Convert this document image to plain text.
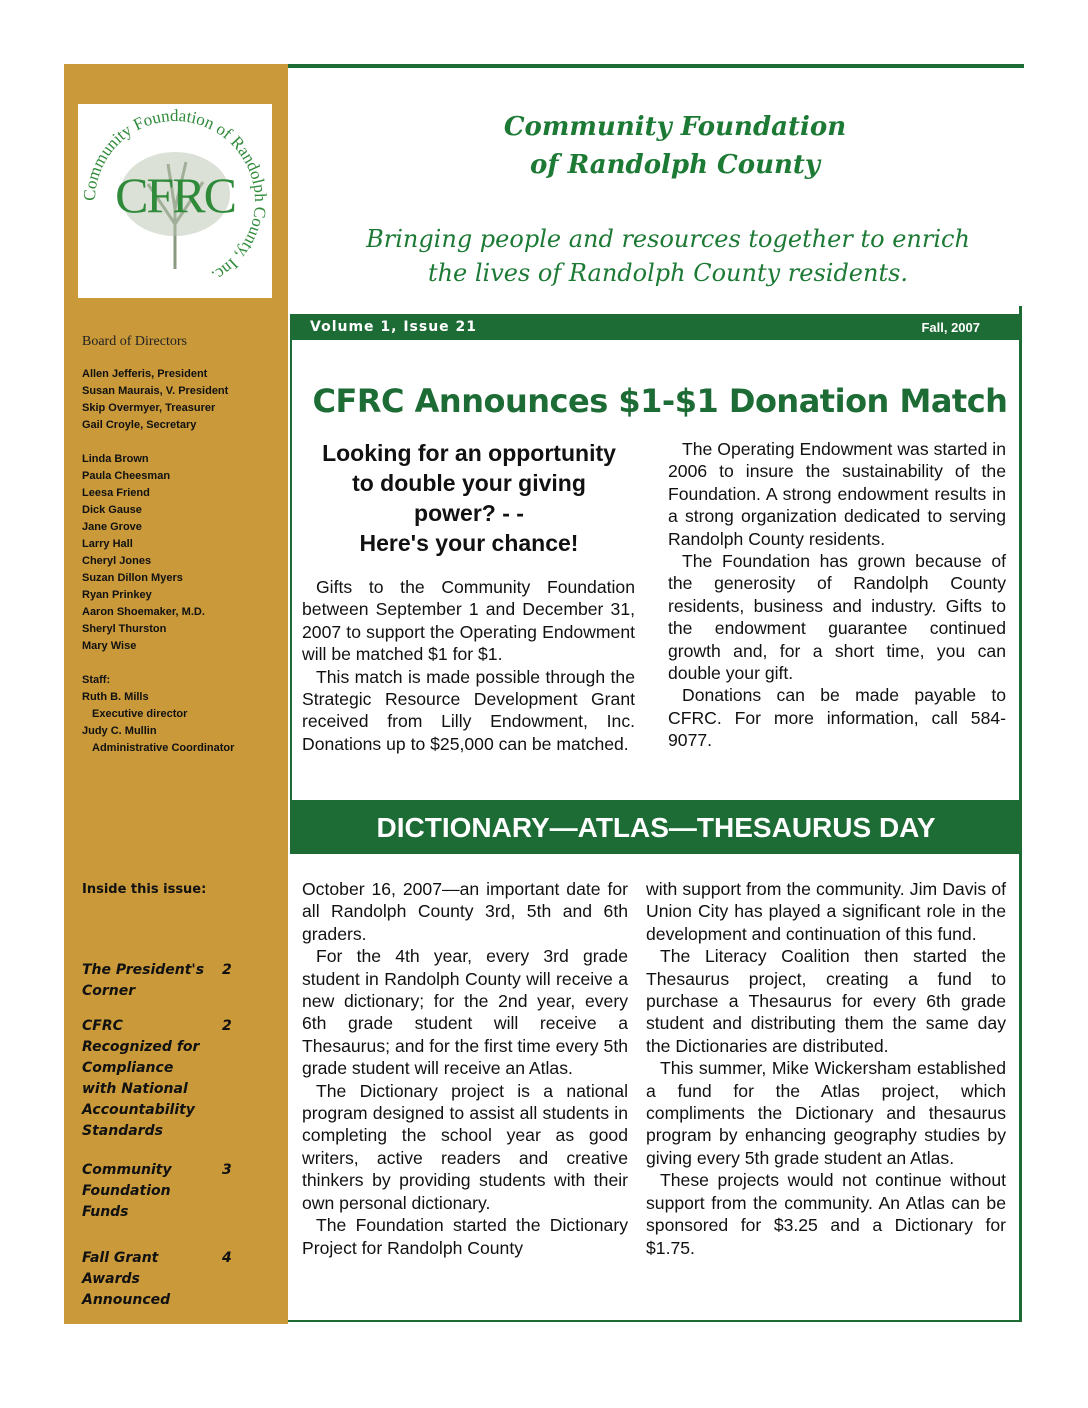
Community Foundation of Randolph County, Inc.
CFRC
Board of Directors
Allen Jefferis, President
Susan Maurais, V. President
Skip Overmyer, Treasurer
Gail Croyle, Secretary
Linda Brown
Paula Cheesman
Leesa Friend
Dick Gause
Jane Grove
Larry Hall
Cheryl Jones
Suzan Dillon Myers
Ryan Prinkey
Aaron Shoemaker, M.D.
Sheryl Thurston
Mary Wise
Staff:
Ruth B. Mills
Executive director
Judy C. Mullin
Administrative Coordinator
Inside this issue:
The President's Corner
2
CFRC Recognized for Compliance with National Accountability Standards
2
Community Foundation Funds
3
Fall Grant Awards Announced
4
Community Foundation
of Randolph County
Bringing people and resources together to enrich
the lives of Randolph County residents.
Volume 1, Issue 21	Fall, 2007
CFRC Announces $1-$1 Donation Match
Looking for an opportunity
to double your giving
power? - -
Here's your chance!

Gifts to the Community Foundation between September 1 and December 31, 2007 to support the Operating Endowment will be matched $1 for $1.

This match is made possible through the Strategic Resource Development Grant received from Lilly Endowment, Inc. Donations up to $25,000 can be matched.

The Operating Endowment was started in 2006 to insure the sustainability of the Foundation. A strong endowment results in a strong organization dedicated to serving Randolph County residents.

The Foundation has grown because of the generosity of Randolph County residents, business and industry. Gifts to the endowment guarantee continued growth and, for a short time, you can double your gift.

Donations can be made payable to CFRC. For more information, call 584-9077.

DICTIONARY—ATLAS—THESAURUS DAY

October 16, 2007—an important date for all Randolph County 3rd, 5th and 6th graders.

For the 4th year, every 3rd grade student in Randolph County will receive a new dictionary; for the 2nd year, every 6th grade student will receive a Thesaurus; and for the first time every 5th grade student will receive an Atlas.

The Dictionary project is a national program designed to assist all students in completing the school year as good writers, active readers and creative thinkers by providing students with their own personal dictionary.

The Foundation started the Dictionary Project for Randolph County

with support from the community. Jim Davis of Union City has played a significant role in the development and continuation of this fund.

The Literacy Coalition then started the Thesaurus project, creating a fund to purchase a Thesaurus for every 6th grade student and distributing them the same day the Dictionaries are distributed.

This summer, Mike Wickersham established a fund for the Atlas project, which compliments the Dictionary and thesaurus program by enhancing geography studies by giving every 5th grade student an Atlas.

These projects would not continue without support from the community. An Atlas can be sponsored for $3.25 and a Dictionary for $1.75.
